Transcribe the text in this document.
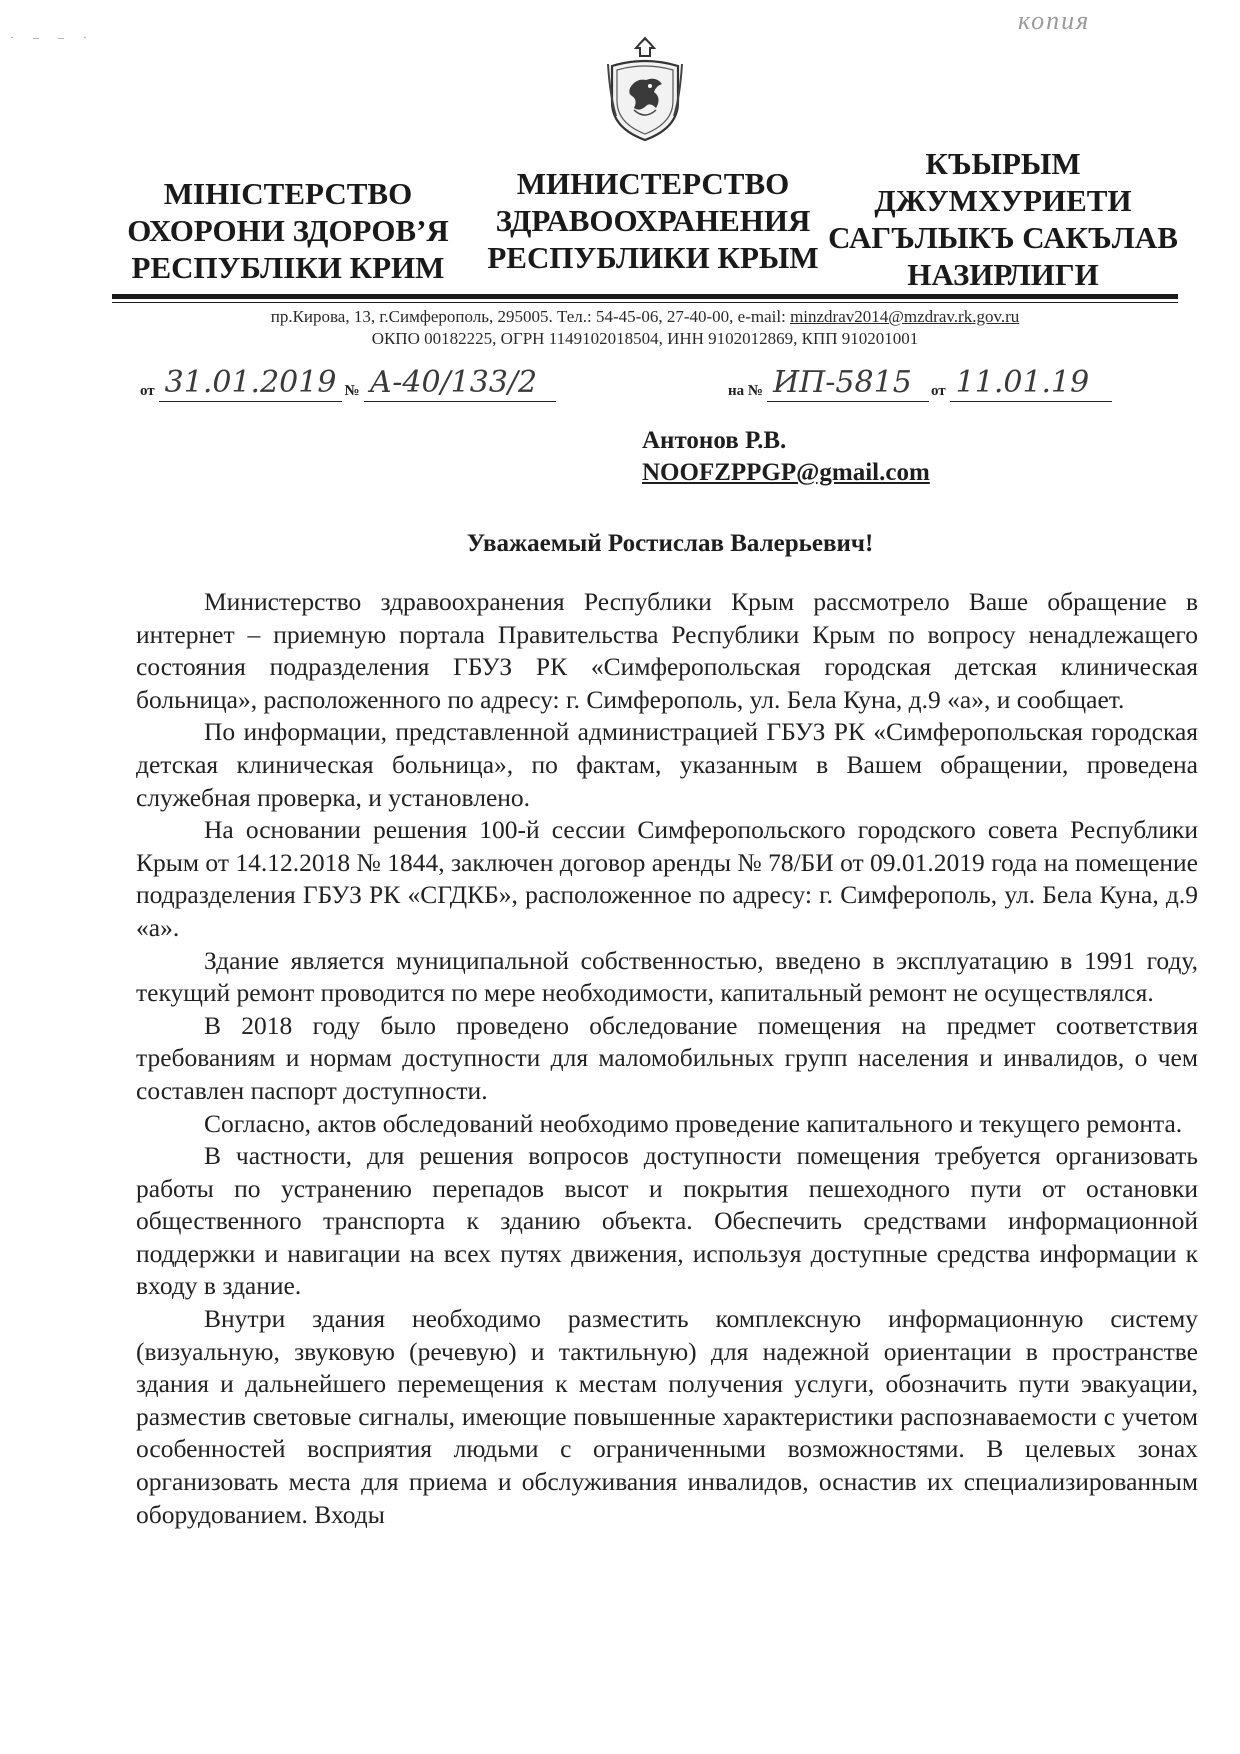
· – – ·
копия
МІНІСТЕРСТВО
ОХОРОНИ ЗДОРОВ’Я
РЕСПУБЛІКИ КРИМ
МИНИСТЕРСТВО
ЗДРАВООХРАНЕНИЯ
РЕСПУБЛИКИ КРЫМ
КЪЫРЫМ
ДЖУМХУРИЕТИ
САГЪЛЫКЪ САКЪЛАВ
НАЗИРЛИГИ
пр.Кирова, 13, г.Симферополь, 295005. Тел.: 54-45-06, 27-40-00, e-mail: minzdrav2014@mzdrav.rk.gov.ru
ОКПО 00182225, ОГРН 1149102018504, ИНН 9102012869, КПП 910201001
от 31.01.2019 № А-40/133/2	на № ИП-5815 от 11.01.19
Антонов Р.В.
NOOFZPPGP@gmail.com
Уважаемый Ростислав Валерьевич!

Министерство здравоохранения Республики Крым рассмотрело Ваше обращение в интернет – приемную портала Правительства Республики Крым по вопросу ненадлежащего состояния подразделения ГБУЗ РК «Симферопольская городская детская клиническая больница», расположенного по адресу: г. Симферополь, ул. Бела Куна, д.9 «а», и сообщает.

По информации, представленной администрацией ГБУЗ РК «Симферопольская городская детская клиническая больница», по фактам, указанным в Вашем обращении, проведена служебная проверка, и установлено.

На основании решения 100-й сессии Симферопольского городского совета Республики Крым от 14.12.2018 № 1844, заключен договор аренды № 78/БИ от 09.01.2019 года на помещение подразделения ГБУЗ РК «СГДКБ», расположенное по адресу: г. Симферополь, ул. Бела Куна, д.9 «а».

Здание является муниципальной собственностью, введено в эксплуатацию в 1991 году, текущий ремонт проводится по мере необходимости, капитальный ремонт не осуществлялся.

В 2018 году было проведено обследование помещения на предмет соответствия требованиям и нормам доступности для маломобильных групп населения и инвалидов, о чем составлен паспорт доступности.

Согласно, актов обследований необходимо проведение капитального и текущего ремонта.

В частности, для решения вопросов доступности помещения требуется организовать работы по устранению перепадов высот и покрытия пешеходного пути от остановки общественного транспорта к зданию объекта. Обеспечить средствами информационной поддержки и навигации на всех путях движения, используя доступные средства информации к входу в здание.

Внутри здания необходимо разместить комплексную информационную систему (визуальную, звуковую (речевую) и тактильную) для надежной ориентации в пространстве здания и дальнейшего перемещения к местам получения услуги, обозначить пути эвакуации, разместив световые сигналы, имеющие повышенные характеристики распознаваемости с учетом особенностей восприятия людьми с ограниченными возможностями. В целевых зонах организовать места для приема и обслуживания инвалидов, оснастив их специализированным оборудованием. Входы
